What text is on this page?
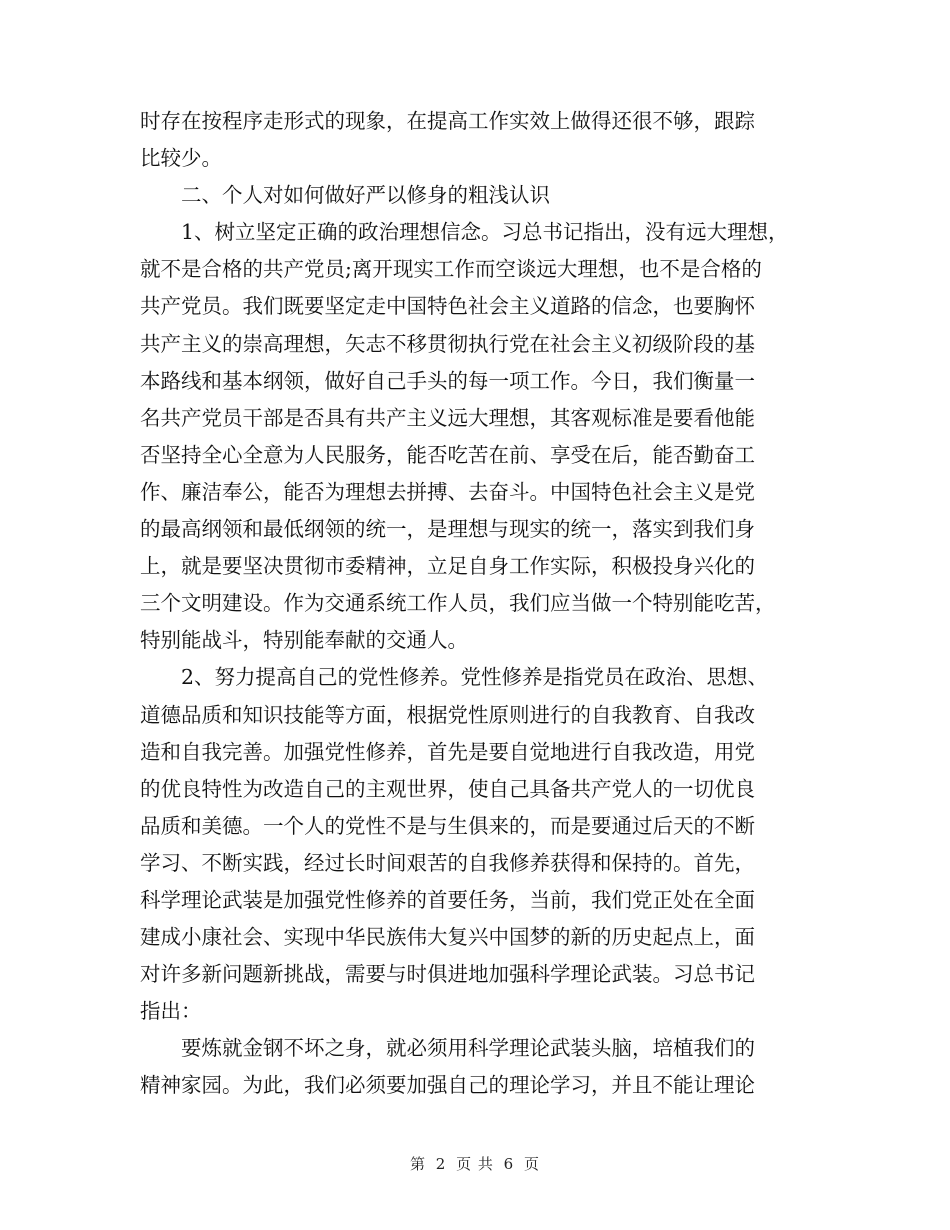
时存在按程序走形式的现象，在提高工作实效上做得还很不够，跟踪
比较少。
二、个人对如何做好严以修身的粗浅认识
1、树立坚定正确的政治理想信念。习总书记指出，没有远大理想，
就不是合格的共产党员;离开现实工作而空谈远大理想，也不是合格的
共产党员。我们既要坚定走中国特色社会主义道路的信念，也要胸怀
共产主义的崇高理想，矢志不移贯彻执行党在社会主义初级阶段的基
本路线和基本纲领，做好自己手头的每一项工作。今日，我们衡量一
名共产党员干部是否具有共产主义远大理想，其客观标准是要看他能
否坚持全心全意为人民服务，能否吃苦在前、享受在后，能否勤奋工
作、廉洁奉公，能否为理想去拼搏、去奋斗。中国特色社会主义是党
的最高纲领和最低纲领的统一，是理想与现实的统一，落实到我们身
上，就是要坚决贯彻市委精神，立足自身工作实际，积极投身兴化的
三个文明建设。作为交通系统工作人员，我们应当做一个特别能吃苦，
特别能战斗，特别能奉献的交通人。
2、努力提高自己的党性修养。党性修养是指党员在政治、思想、
道德品质和知识技能等方面，根据党性原则进行的自我教育、自我改
造和自我完善。加强党性修养，首先是要自觉地进行自我改造，用党
的优良特性为改造自己的主观世界，使自己具备共产党人的一切优良
品质和美德。一个人的党性不是与生俱来的，而是要通过后天的不断
学习、不断实践，经过长时间艰苦的自我修养获得和保持的。首先，
科学理论武装是加强党性修养的首要任务，当前，我们党正处在全面
建成小康社会、实现中华民族伟大复兴中国梦的新的历史起点上，面
对许多新问题新挑战，需要与时俱进地加强科学理论武装。习总书记
指出：
要炼就金钢不坏之身，就必须用科学理论武装头脑，培植我们的
精神家园。为此，我们必须要加强自己的理论学习，并且不能让理论
第 2 页 共 6 页
